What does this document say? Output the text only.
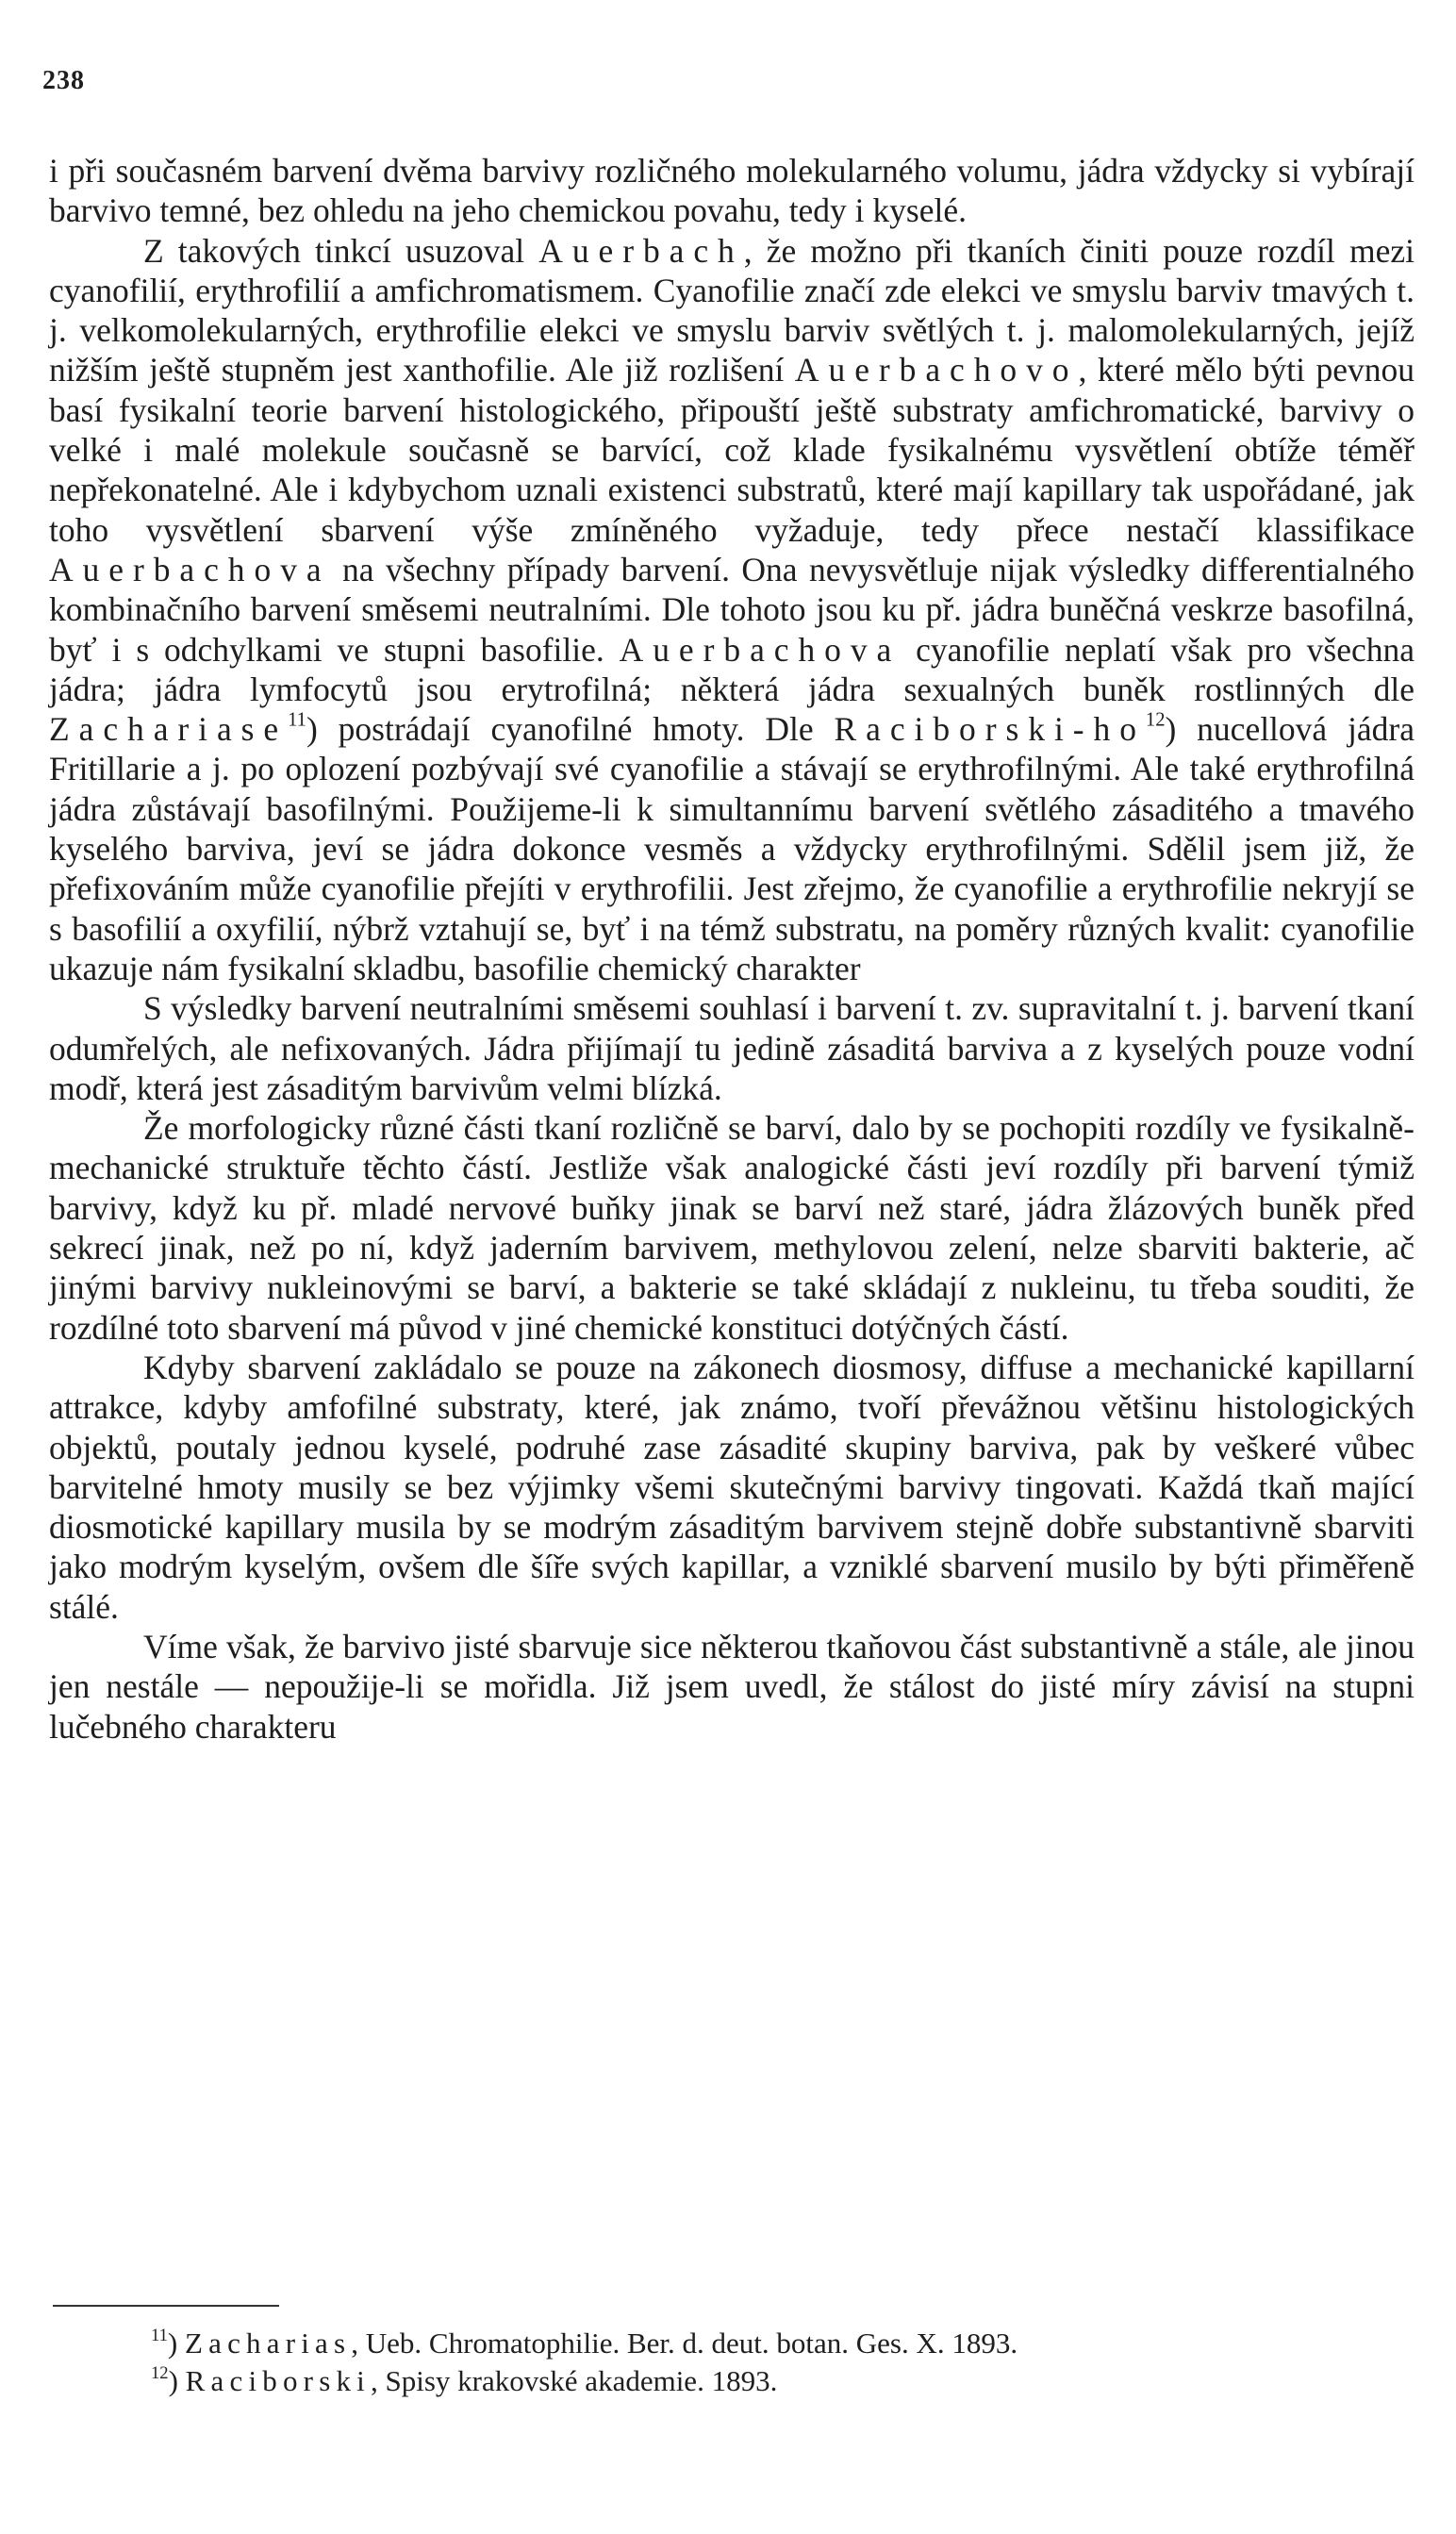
238

i při současném barvení dvěma barvivy rozličného molekularného volumu, jádra vždycky si vybírají barvivo temné, bez ohledu na jeho chemickou povahu, tedy i kyselé.

Z takových tinkcí usuzoval Auerbach, že možno při tkaních činiti pouze rozdíl mezi cyanofilií, erythrofilií a amfichromatismem. Cyanofilie značí zde elekci ve smyslu barviv tmavých t. j. velkomolekularných, erythrofilie elekci ve smyslu barviv světlých t. j. malomolekularných, jejíž nižším ještě stupněm jest xanthofilie. Ale již rozlišení Auerbachovo, které mělo býti pevnou basí fysikalní teorie barvení histologického, připouští ještě substraty amfichromatické, barvivy o velké i malé molekule současně se barvící, což klade fysikalnému vysvětlení obtíže téměř nepřekonatelné. Ale i kdybychom uznali existenci substratů, které mají kapillary tak uspořádané, jak toho vysvětlení sbarvení výše zmíněného vyžaduje, tedy přece nestačí klassifikace Auerbachova na všechny případy barvení. Ona nevysvětluje nijak výsledky differentialného kombinačního barvení směsemi neutralními. Dle tohoto jsou ku př. jádra buněčná veskrze basofilná, byť i s odchylkami ve stupni basofilie. Auerbachova cyanofilie neplatí však pro všechna jádra; jádra lymfocytů jsou erytrofilná; některá jádra sexualných buněk rostlinných dle Zachariase$^{11}$) postrádají cyanofilné hmoty. Dle Raciborski-ho$^{12}$) nucellová jádra Fritillarie a j. po oplození pozbývají své cyanofilie a stávají se erythrofilnými. Ale také erythrofilná jádra zůstávají basofilnými. Použijeme-li k simultannímu barvení světlého zásaditého a tmavého kyselého barviva, jeví se jádra dokonce vesměs a vždycky erythrofilnými. Sdělil jsem již, že přefixováním může cyanofilie přejíti v erythrofilii. Jest zřejmo, že cyanofilie a erythrofilie nekryjí se s basofilií a oxyfilií, nýbrž vztahují se, byť i na témž substratu, na poměry různých kvalit: cyanofilie ukazuje nám fysikalní skladbu, basofilie chemický charakter

S výsledky barvení neutralními směsemi souhlasí i barvení t. zv. supravitalní t. j. barvení tkaní odumřelých, ale nefixovaných. Jádra přijímají tu jedině zásaditá barviva a z kyselých pouze vodní modř, která jest zásaditým barvivům velmi blízká.

Že morfologicky různé části tkaní rozličně se barví, dalo by se pochopiti rozdíly ve fysikalně-mechanické struktuře těchto částí. Jestliže však analogické části jeví rozdíly při barvení týmiž barvivy, když ku př. mladé nervové buňky jinak se barví než staré, jádra žlázových buněk před sekrecí jinak, než po ní, když jaderním barvivem, methylovou zelení, nelze sbarviti bakterie, ač jinými barvivy nukleinovými se barví, a bakterie se také skládají z nukleinu, tu třeba souditi, že rozdílné toto sbarvení má původ v jiné chemické konstituci dotýčných částí.

Kdyby sbarvení zakládalo se pouze na zákonech diosmosy, diffuse a mechanické kapillarní attrakce, kdyby amfofilné substraty, které, jak známo, tvoří převážnou většinu histologických objektů, poutaly jednou kyselé, podruhé zase zásadité skupiny barviva, pak by veškeré vůbec barvitelné hmoty musily se bez výjimky všemi skutečnými barvivy tingovati. Každá tkaň mající diosmotické kapillary musila by se modrým zásaditým barvivem stejně dobře substantivně sbarviti jako modrým kyselým, ovšem dle šíře svých kapillar, a vzniklé sbarvení musilo by býti přiměřeně stálé.

Víme však, že barvivo jisté sbarvuje sice některou tkaňovou část substantivně a stále, ale jinou jen nestále — nepoužije-li se mořidla. Již jsem uvedl, že stálost do jisté míry závisí na stupni lučebného charakteru

$^{11}$) Zacharias, Ueb. Chromatophilie. Ber. d. deut. botan. Ges. X. 1893.
$^{12}$) Raciborski, Spisy krakovské akademie. 1893.
